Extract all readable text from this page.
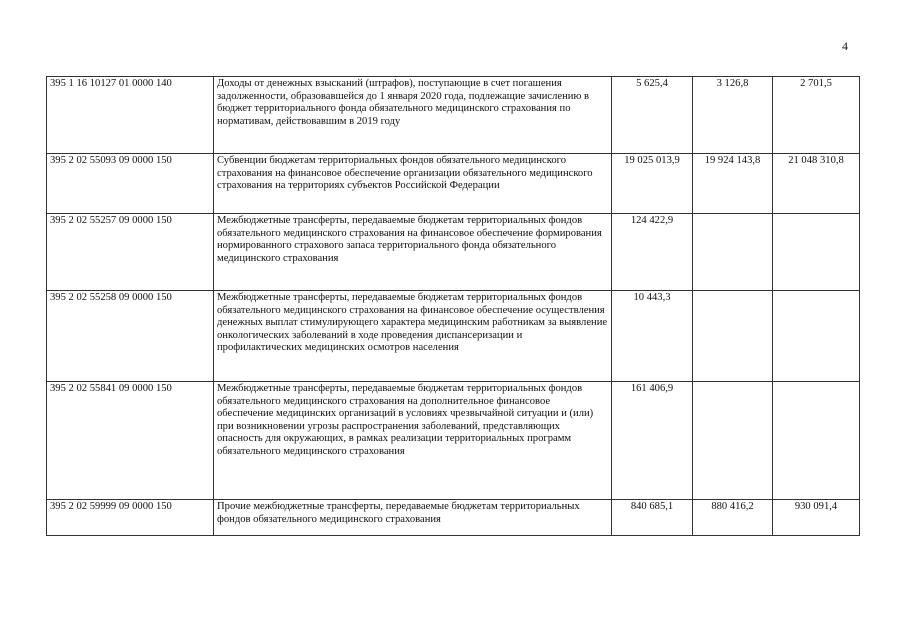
4
395 1 16 10127 01 0000 140	Доходы от денежных взысканий (штрафов), поступающие в счет погашения задолженности, образовавшейся до 1 января 2020 года, подлежащие зачислению в бюджет территориального фонда обязательного медицинского страхования по нормативам, действовавшим в 2019 году	5 625,4	3 126,8	2 701,5
395 2 02 55093 09 0000 150	Субвенции бюджетам территориальных фондов обязательного медицинского страхования на финансовое обеспечение организации обязательного медицинского страхования на территориях субъектов Российской Федерации	19 025 013,9	19 924 143,8	21 048 310,8
395 2 02 55257 09 0000 150	Межбюджетные трансферты, передаваемые бюджетам территориальных фондов обязательного медицинского страхования на финансовое обеспечение формирования нормированного страхового запаса территориального фонда обязательного медицинского страхования	124 422,9		
395 2 02 55258 09 0000 150	Межбюджетные трансферты, передаваемые бюджетам территориальных фондов обязательного медицинского страхования на финансовое обеспечение осуществления денежных выплат стимулирующего характера медицинским работникам за выявление онкологических заболеваний в ходе проведения диспансеризации и профилактических медицинских осмотров населения	10 443,3		
395 2 02 55841 09 0000 150	Межбюджетные трансферты, передаваемые бюджетам территориальных фондов обязательного медицинского страхования на дополнительное финансовое обеспечение медицинских организаций в условиях чрезвычайной ситуации и (или) при возникновении угрозы распространения заболеваний, представляющих опасность для окружающих, в рамках реализации территориальных программ обязательного медицинского страхования	161 406,9		
395 2 02 59999 09 0000 150	Прочие межбюджетные трансферты, передаваемые бюджетам территориальных фондов обязательного медицинского страхования	840 685,1	880 416,2	930 091,4
